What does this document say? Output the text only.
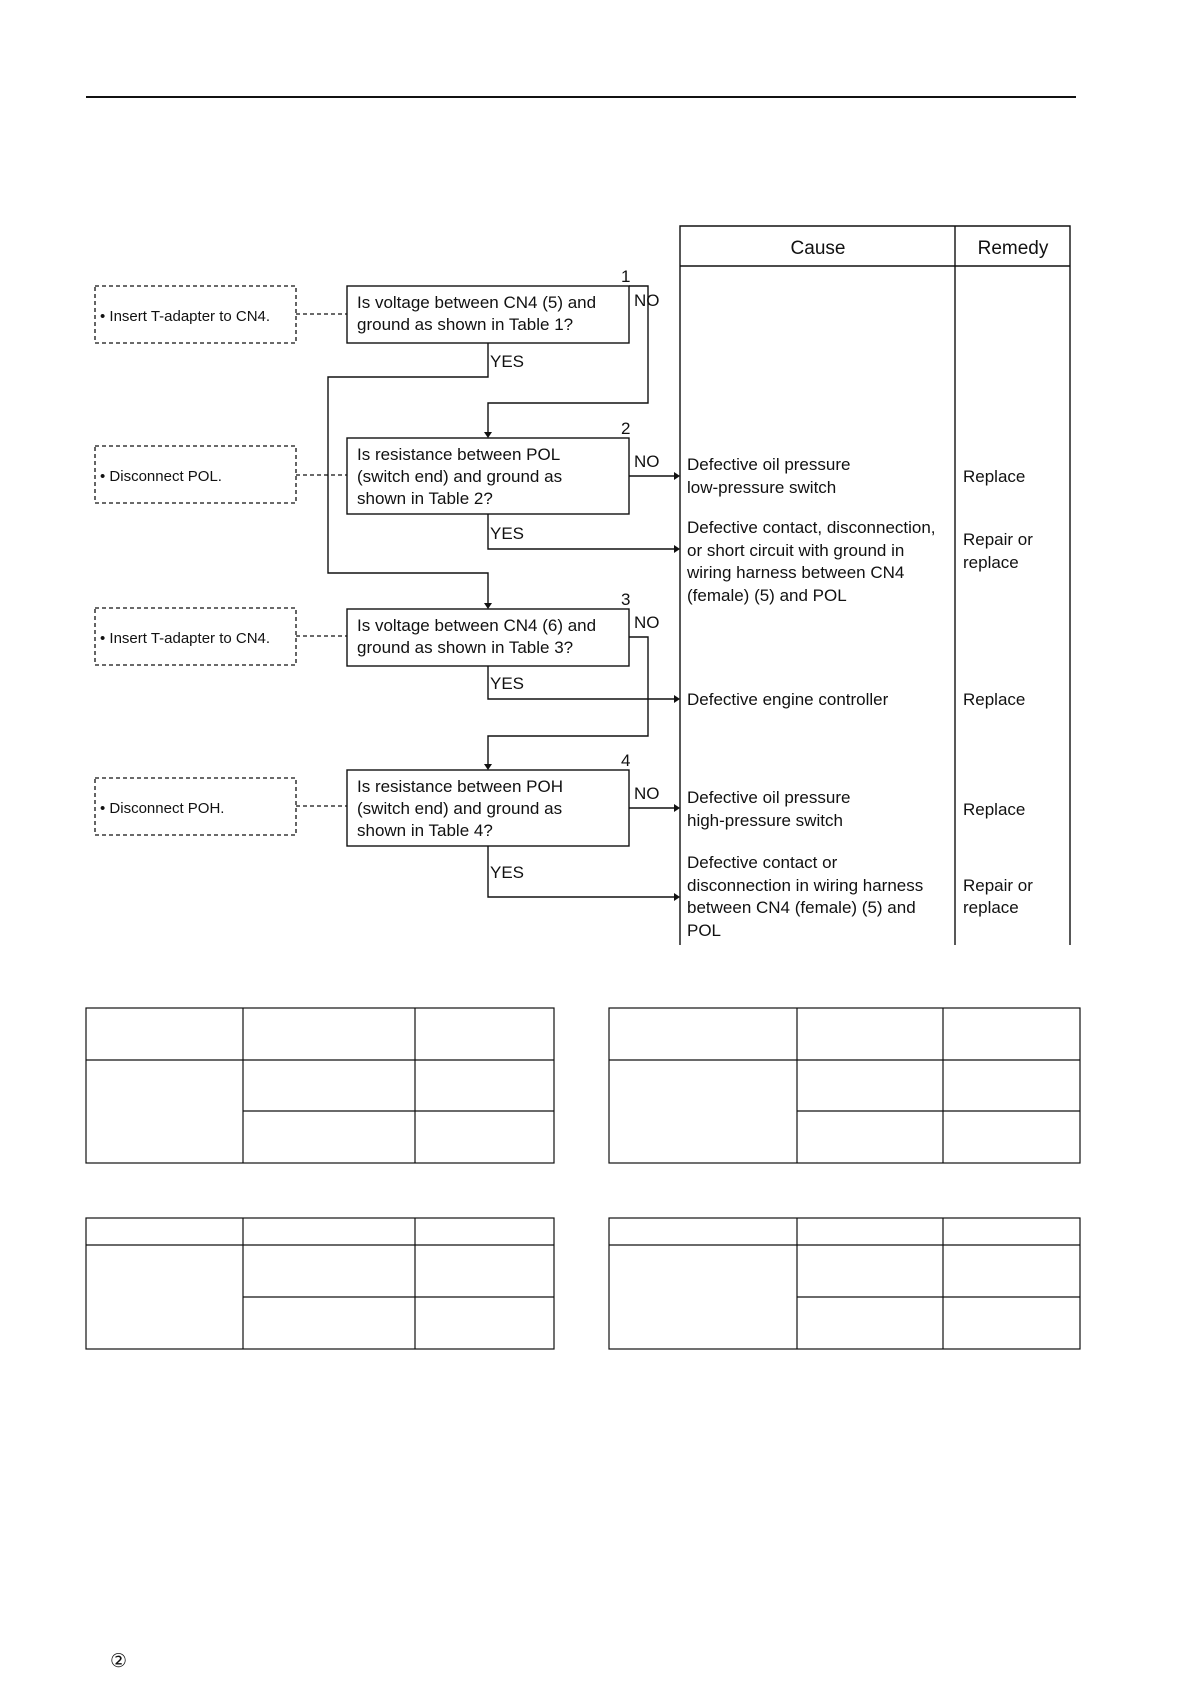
Cause	Remedy
• Insert T-adapter to CN4.
• Disconnect POL.
• Insert T-adapter to CN4.
• Disconnect POH.
Is voltage between CN4 (5) and
ground as shown in Table 1?
1
Is resistance between POL
(switch end) and ground as
shown in Table 2?
2
Is voltage between CN4 (6) and
ground as shown in Table 3?
3
Is resistance between POH
(switch end) and ground as
shown in Table 4?
4
NO
YES
NO
YES
NO
YES
NO
YES
Defective oil pressure
low-pressure switch
Replace
Defective contact, disconnection,
or short circuit with ground in
wiring harness between CN4
(female) (5) and POL
Repair or
replace
Defective engine controller	Replace
Defective oil pressure
high-pressure switch
Replace
Defective contact or
disconnection in wiring harness
between CN4 (female) (5) and
POL
Repair or
replace
②
